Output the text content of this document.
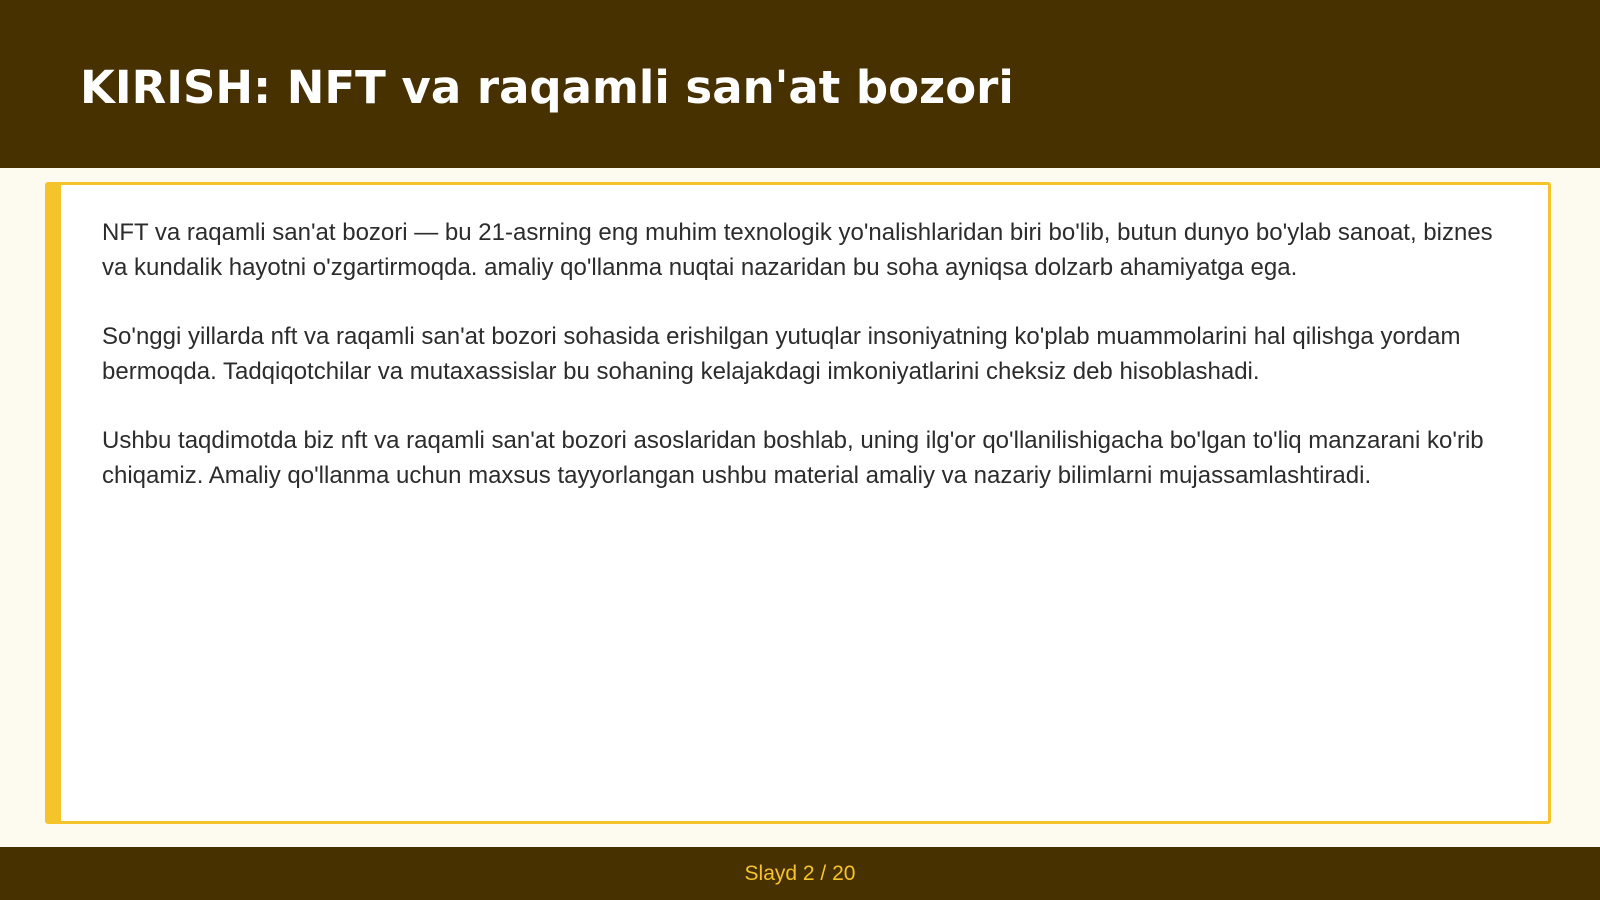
KIRISH: NFT va raqamli san'at bozori

NFT va raqamli san'at bozori — bu 21-asrning eng muhim texnologik yo'nalishlaridan biri bo'lib, butun dunyo bo'ylab sanoat, biznes va kundalik hayotni o'zgartirmoqda. amaliy qo'llanma nuqtai nazaridan bu soha ayniqsa dolzarb ahamiyatga ega.

So'nggi yillarda nft va raqamli san'at bozori sohasida erishilgan yutuqlar insoniyatning ko'plab muammolarini hal qilishga yordam bermoqda. Tadqiqotchilar va mutaxassislar bu sohaning kelajakdagi imkoniyatlarini cheksiz deb hisoblashadi.

Ushbu taqdimotda biz nft va raqamli san'at bozori asoslaridan boshlab, uning ilg'or qo'llanilishigacha bo'lgan to'liq manzarani ko'rib chiqamiz. Amaliy qo'llanma uchun maxsus tayyorlangan ushbu material amaliy va nazariy bilimlarni mujassamlashtiradi.

Slayd 2 / 20
